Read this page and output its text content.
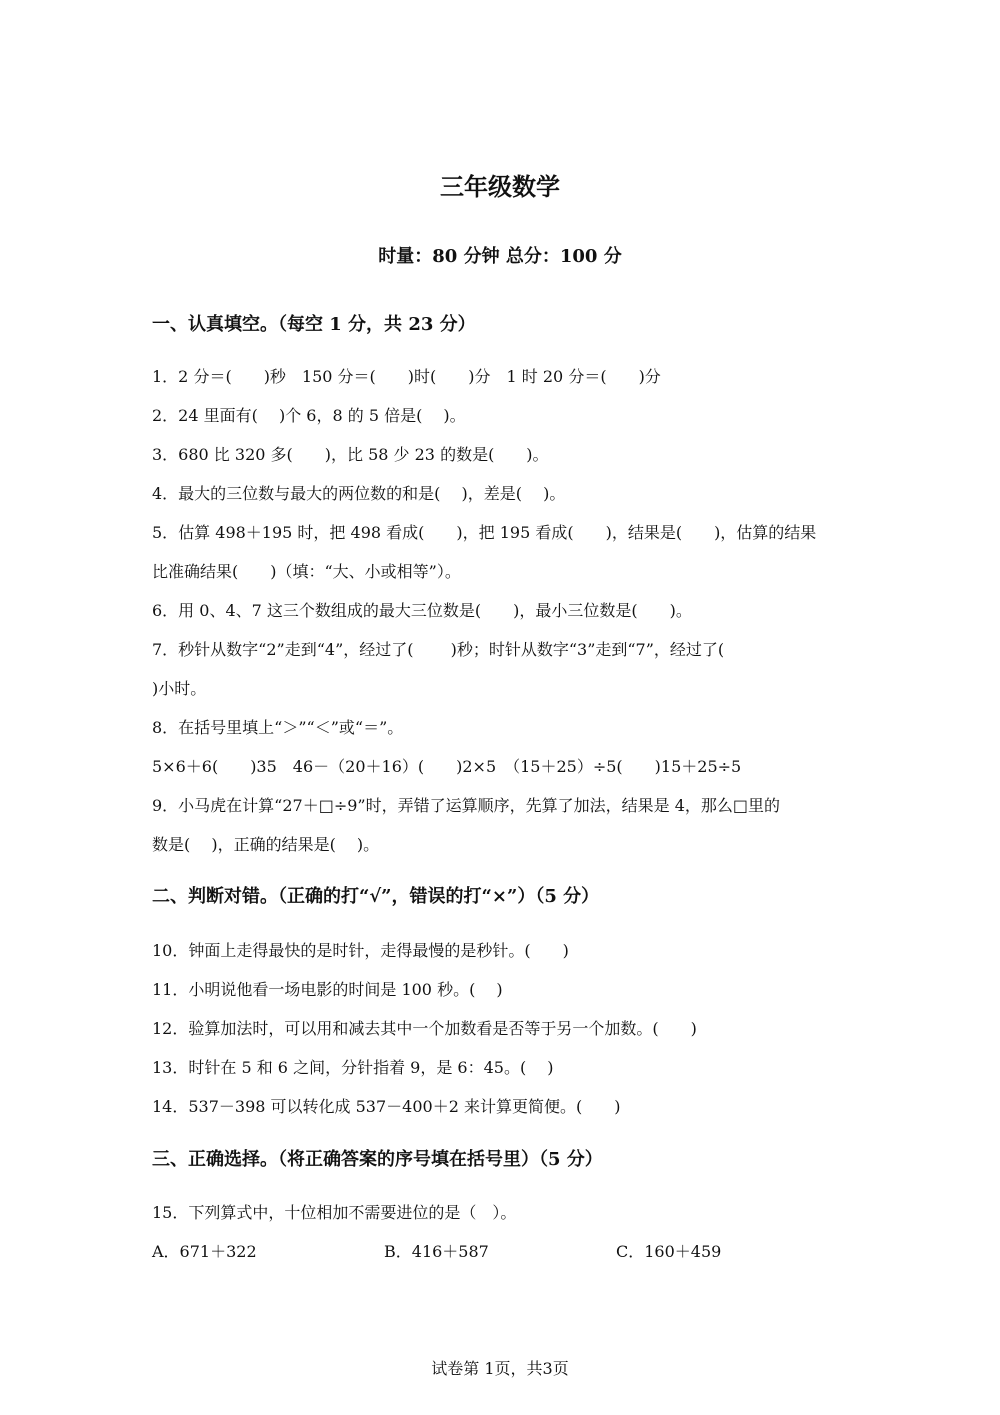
三年级数学
时量：80 分钟 总分：100 分
一、认真填空。（每空 1 分，共 23 分）
1．2 分＝(　　)秒　150 分＝(　　)时(　　)分　1 时 20 分＝(　　)分
2．24 里面有(　 )个 6，8 的 5 倍是(　 )。
3．680 比 320 多(　　)，比 58 少 23 的数是(　　)。
4．最大的三位数与最大的两位数的和是(　 )，差是(　 )。
5．估算 498＋195 时，把 498 看成(　　)，把 195 看成(　　)，结果是(　　)，估算的结果
比准确结果(　　)（填：“大、小或相等”）。
6．用 0、4、7 这三个数组成的最大三位数是(　　)，最小三位数是(　　)。
7．秒针从数字“2”走到“4”，经过了(　　 )秒；时针从数字“3”走到“7”，经过了(
)小时。
8．在括号里填上“＞”“＜”或“＝”。
5×6＋6(　　)35　46－（20＋16）(　　)2×5　（15＋25）÷5(　　)15＋25÷5
9．小马虎在计算“27＋□÷9”时，弄错了运算顺序，先算了加法，结果是 4，那么□里的
数是(　 )，正确的结果是(　 )。
二、判断对错。（正确的打“√”，错误的打“×”）（5 分）
10．钟面上走得最快的是时针，走得最慢的是秒针。(　　)
11．小明说他看一场电影的时间是 100 秒。(　 )
12．验算加法时，可以用和减去其中一个加数看是否等于另一个加数。(　　)
13．时针在 5 和 6 之间，分针指着 9，是 6：45。(　 )
14．537－398 可以转化成 537－400＋2 来计算更简便。(　　)
三、正确选择。（将正确答案的序号填在括号里）（5 分）
15．下列算式中，十位相加不需要进位的是（　）。
A．671＋322	B．416＋587	C．160＋459
试卷第 1页，共3页
